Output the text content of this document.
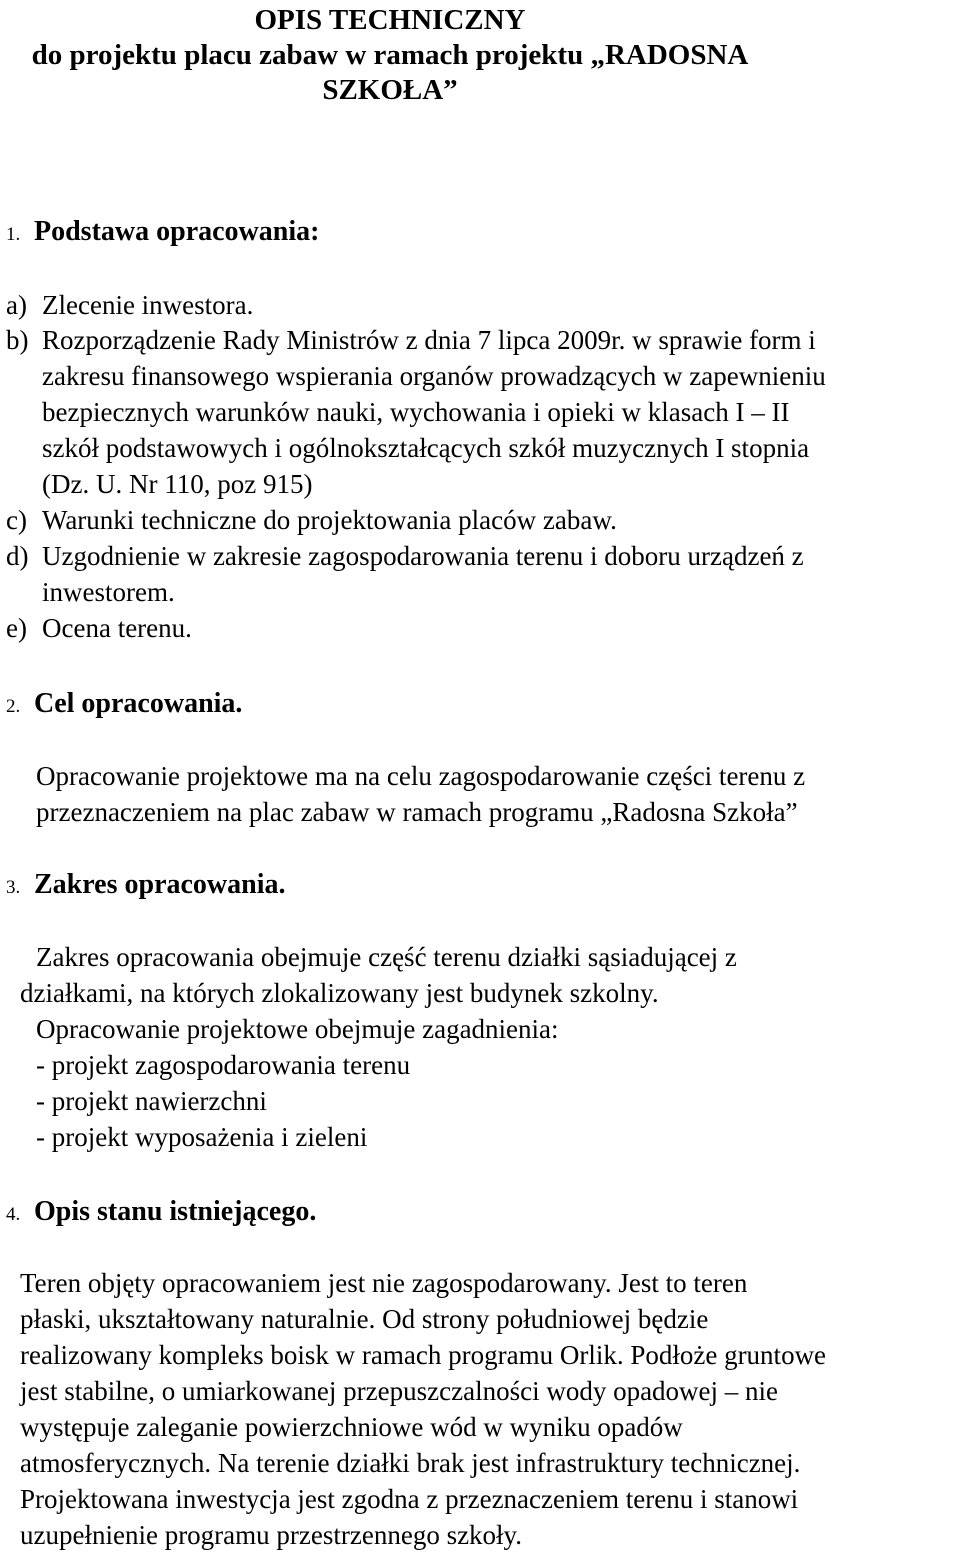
OPIS TECHNICZNY
do projektu placu zabaw w ramach projektu „RADOSNA
SZKOŁA”
1. Podstawa opracowania:
a) Zlecenie inwestora.
b) Rozporządzenie Rady Ministrów z dnia 7 lipca 2009r. w sprawie form i
zakresu finansowego wspierania organów prowadzących w zapewnieniu
bezpiecznych warunków nauki, wychowania i opieki w klasach I – II
szkół podstawowych i ogólnokształcących szkół muzycznych I stopnia
(Dz. U. Nr 110, poz 915)
c) Warunki techniczne do projektowania placów zabaw.
d) Uzgodnienie w zakresie zagospodarowania terenu i doboru urządzeń z
inwestorem.
e) Ocena terenu.
2. Cel opracowania.
Opracowanie projektowe ma na celu zagospodarowanie części terenu z
przeznaczeniem na plac zabaw w ramach programu „Radosna Szkoła”
3. Zakres opracowania.
Zakres opracowania obejmuje część terenu działki sąsiadującej z
działkami, na których zlokalizowany jest budynek szkolny.
Opracowanie projektowe obejmuje zagadnienia:
- projekt zagospodarowania terenu
- projekt nawierzchni
- projekt wyposażenia i zieleni
4. Opis stanu istniejącego.
Teren objęty opracowaniem jest nie zagospodarowany. Jest to teren
płaski, ukształtowany naturalnie. Od strony południowej będzie
realizowany kompleks boisk w ramach programu Orlik. Podłoże gruntowe
jest stabilne, o umiarkowanej przepuszczalności wody opadowej – nie
występuje zaleganie powierzchniowe wód w wyniku opadów
atmosferycznych. Na terenie działki brak jest infrastruktury technicznej.
Projektowana inwestycja jest zgodna z przeznaczeniem terenu i stanowi
uzupełnienie programu przestrzennego szkoły.
